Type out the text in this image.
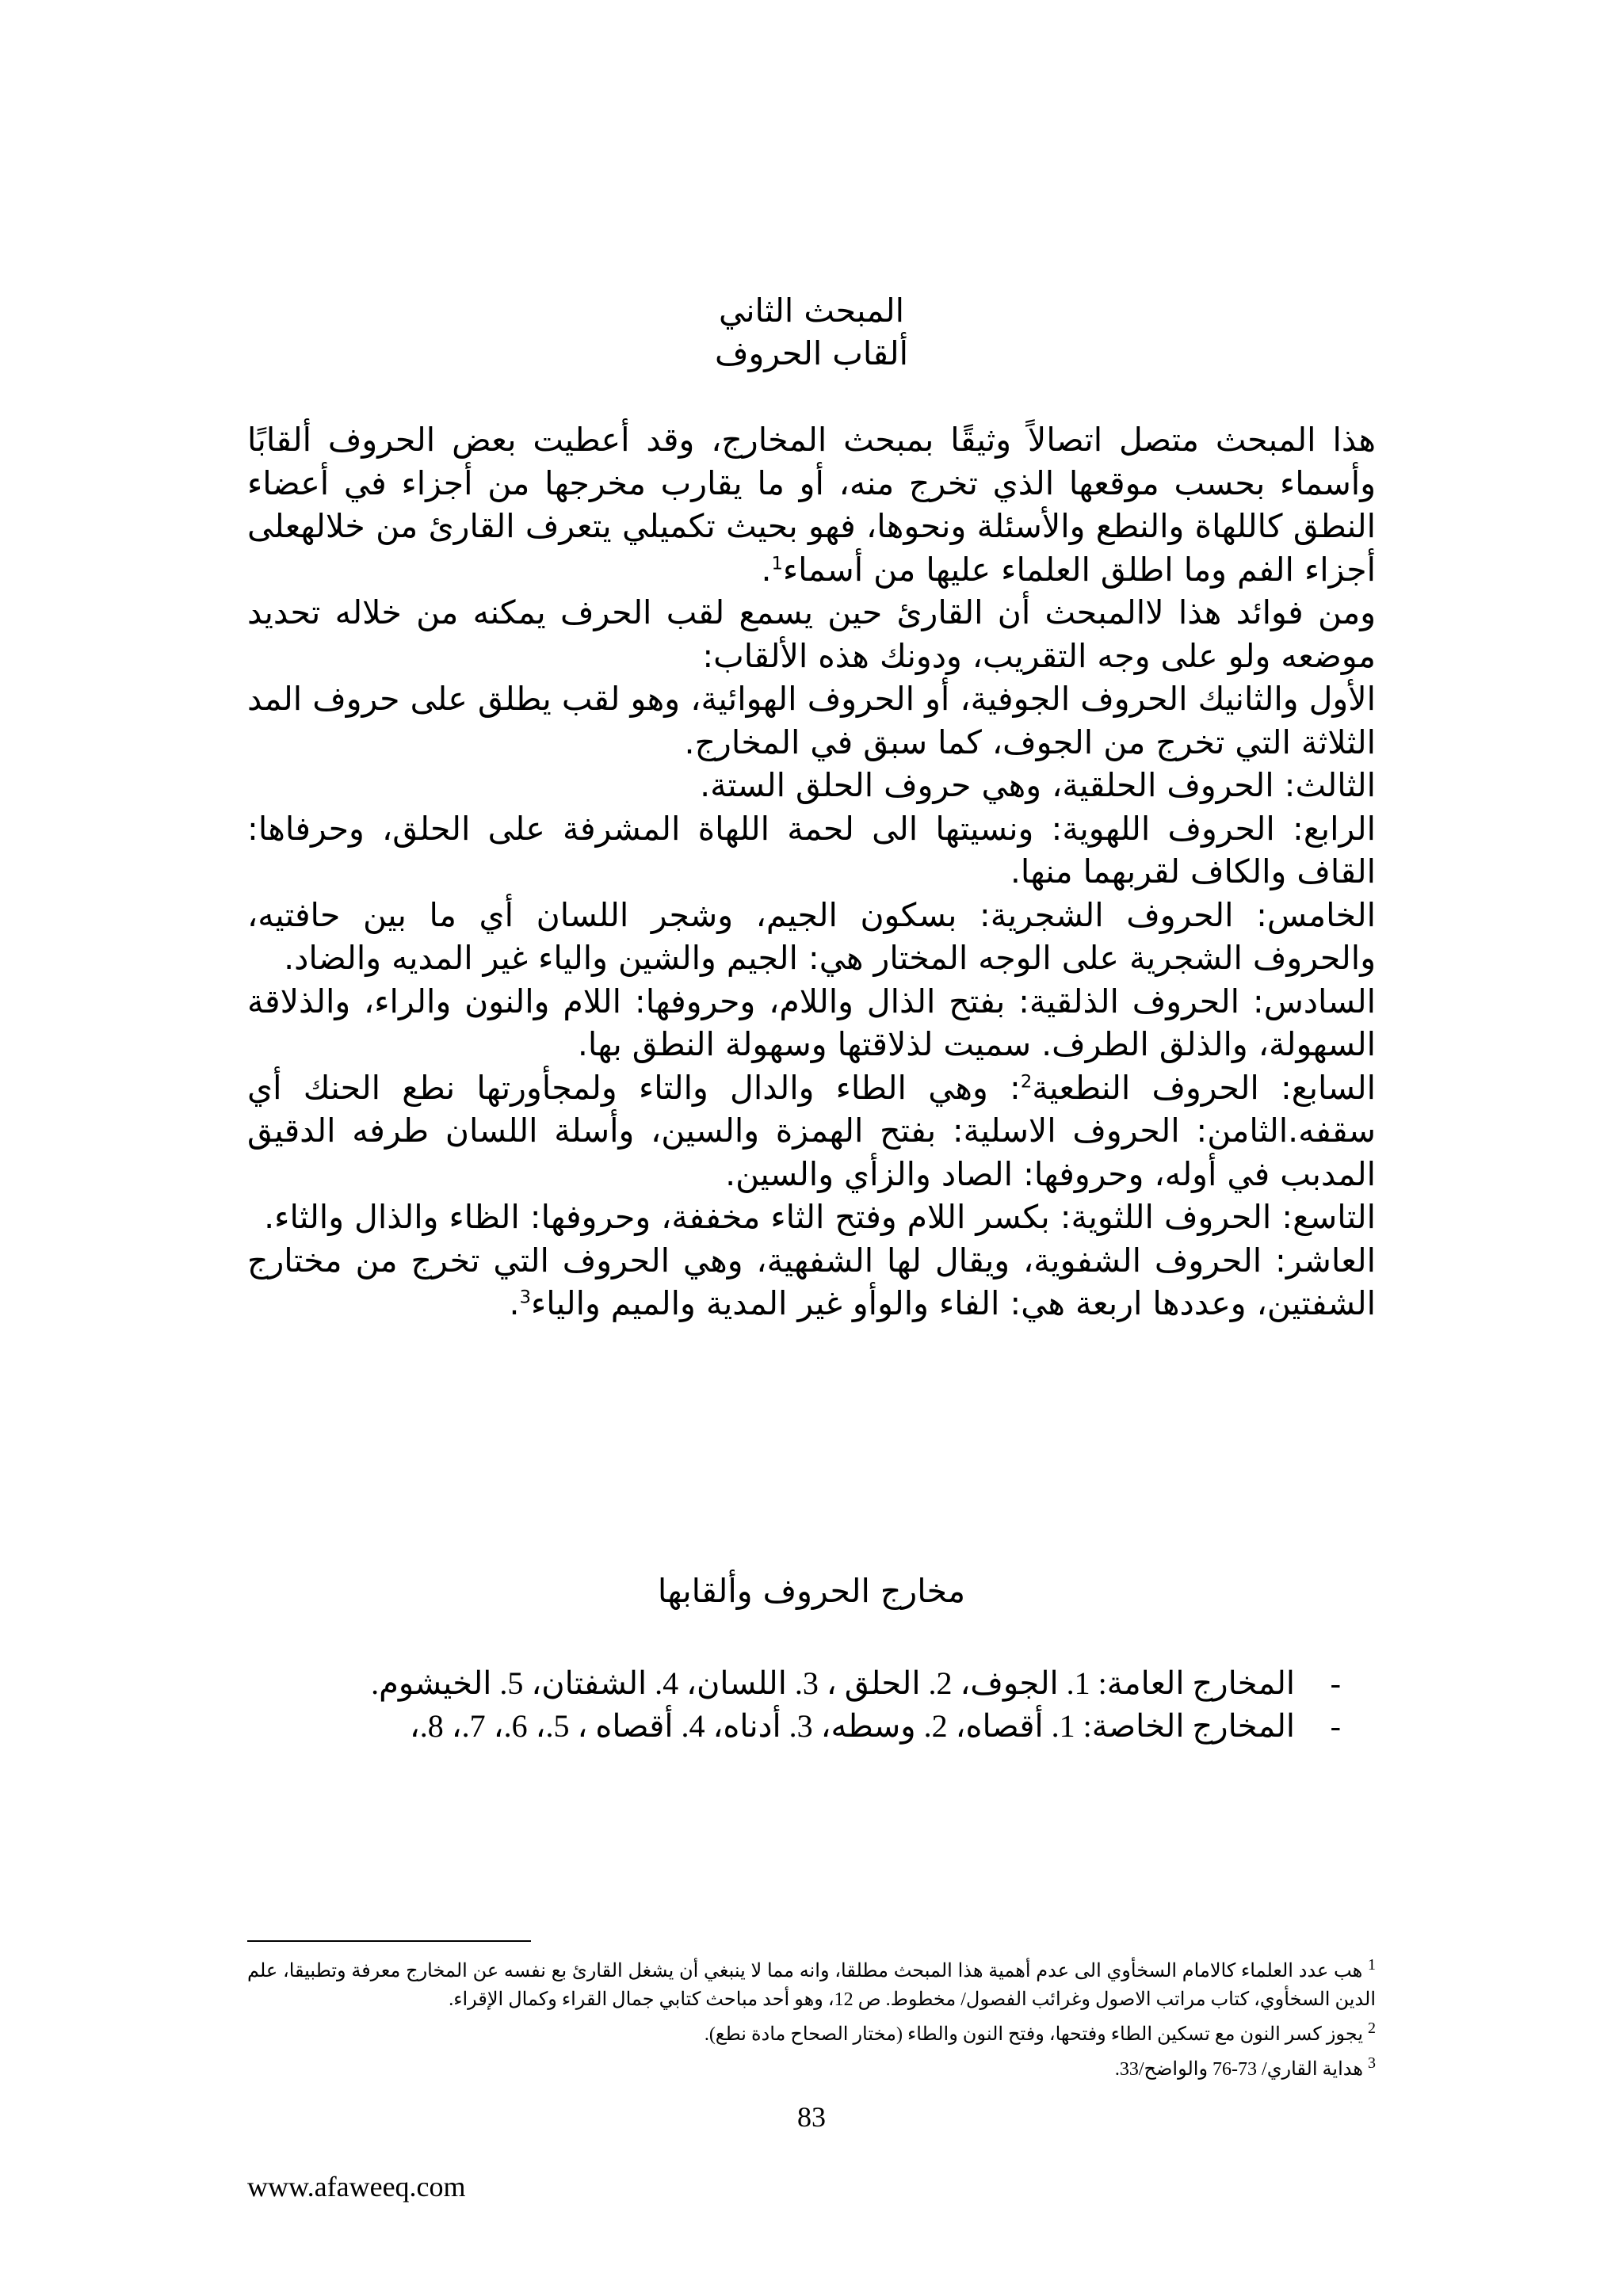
المبحث الثاني
ألقاب الحروف

هذا المبحث متصل اتصالاً وثيقًا بمبحث المخارج، وقد أعطيت بعض الحروف ألقابًا وأسماء بحسب موقعها الذي تخرج منه، أو ما يقارب مخرجها من أجزاء في أعضاء النطق كاللهاة والنطع والأسئلة ونحوها، فهو بحيث تكميلي يتعرف القارئ من خلالهعلى أجزاء الفم وما اطلق العلماء عليها من أسماء$^1$.

ومن فوائد هذا لاالمبحث أن القارئ حين يسمع لقب الحرف يمكنه من خلاله تحديد موضعه ولو على وجه التقريب، ودونك هذه الألقاب:

الأول والثانيك الحروف الجوفية، أو الحروف الهوائية، وهو لقب يطلق على حروف المد الثلاثة التي تخرج من الجوف، كما سبق في المخارج.

الثالث: الحروف الحلقية، وهي حروف الحلق الستة.

الرابع: الحروف اللهوية: ونسيتها الى لحمة اللهاة المشرفة على الحلق، وحرفاها: القاف والكاف لقربهما منها.

الخامس: الحروف الشجرية: بسكون الجيم، وشجر اللسان أي ما بين حافتيه، والحروف الشجرية على الوجه المختار هي: الجيم والشين والياء غير المديه والضاد.

السادس: الحروف الذلقية: بفتح الذال واللام، وحروفها: اللام والنون والراء، والذلاقة السهولة، والذلق الطرف. سميت لذلاقتها وسهولة النطق بها.

السابع: الحروف النطعية$^2$: وهي الطاء والدال والتاء ولمجأورتها نطع الحنك أي سقفه.الثامن: الحروف الاسلية: بفتح الهمزة والسين، وأسلة اللسان طرفه الدقيق المدبب في أوله، وحروفها: الصاد والزأي والسين.

التاسع: الحروف اللثوية: بكسر اللام وفتح الثاء مخففة، وحروفها: الظاء والذال والثاء.

العاشر: الحروف الشفوية، ويقال لها الشفهية، وهي الحروف التي تخرج من مختارج الشفتين، وعددها اربعة هي: الفاء والوأو غير المدية والميم والياء$^3$.

مخارج الحروف وألقابها
-
المخارج العامة: 1. الجوف، 2. الحلق ، 3. اللسان، 4. الشفتان، 5. الخيشوم.
-
المخارج الخاصة: 1. أقصاه، 2. وسطه، 3. أدناه، 4. أقصاه ، 5.، 6.، 7.، 8.،

$^1$ هب عدد العلماء كالامام السخأوي الى عدم أهمية هذا المبحث مطلقا، وانه مما لا ينبغي أن يشغل القارئ بع نفسه عن المخارج معرفة وتطبيقا، علم الدين السخأوي، كتاب مراتب الاصول وغرائب الفصول/ مخطوط. ص 12، وهو أحد مباحث كتابي جمال القراء وكمال الإقراء.

$^2$ يجوز كسر النون مع تسكين الطاء وفتحها، وفتح النون والطاء (مختار الصحاح مادة نطع).

$^3$ هداية القاري/ 73-76 والواضح/33.

83
www.afaweeq.com
